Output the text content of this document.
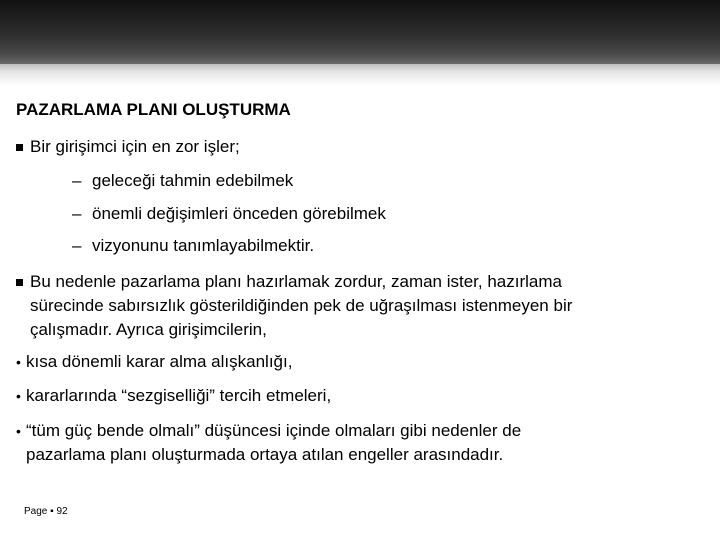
PAZARLAMA PLANI OLUŞTURMA
Bir girişimci için en zor işler;
– geleceği tahmin edebilmek
– önemli değişimleri önceden görebilmek
– vizyonunu tanımlayabilmektir.
Bu nedenle pazarlama planı hazırlamak zordur, zaman ister, hazırlama
sürecinde sabırsızlık gösterildiğinden pek de uğraşılması istenmeyen bir
çalışmadır. Ayrıca girişimcilerin,
• kısa dönemli karar alma alışkanlığı,
• kararlarında “sezgiselliği” tercih etmeleri,
• “tüm güç bende olmalı” düşüncesi içinde olmaları gibi nedenler de
pazarlama planı oluşturmada ortaya atılan engeller arasındadır.
Page ▪ 92
